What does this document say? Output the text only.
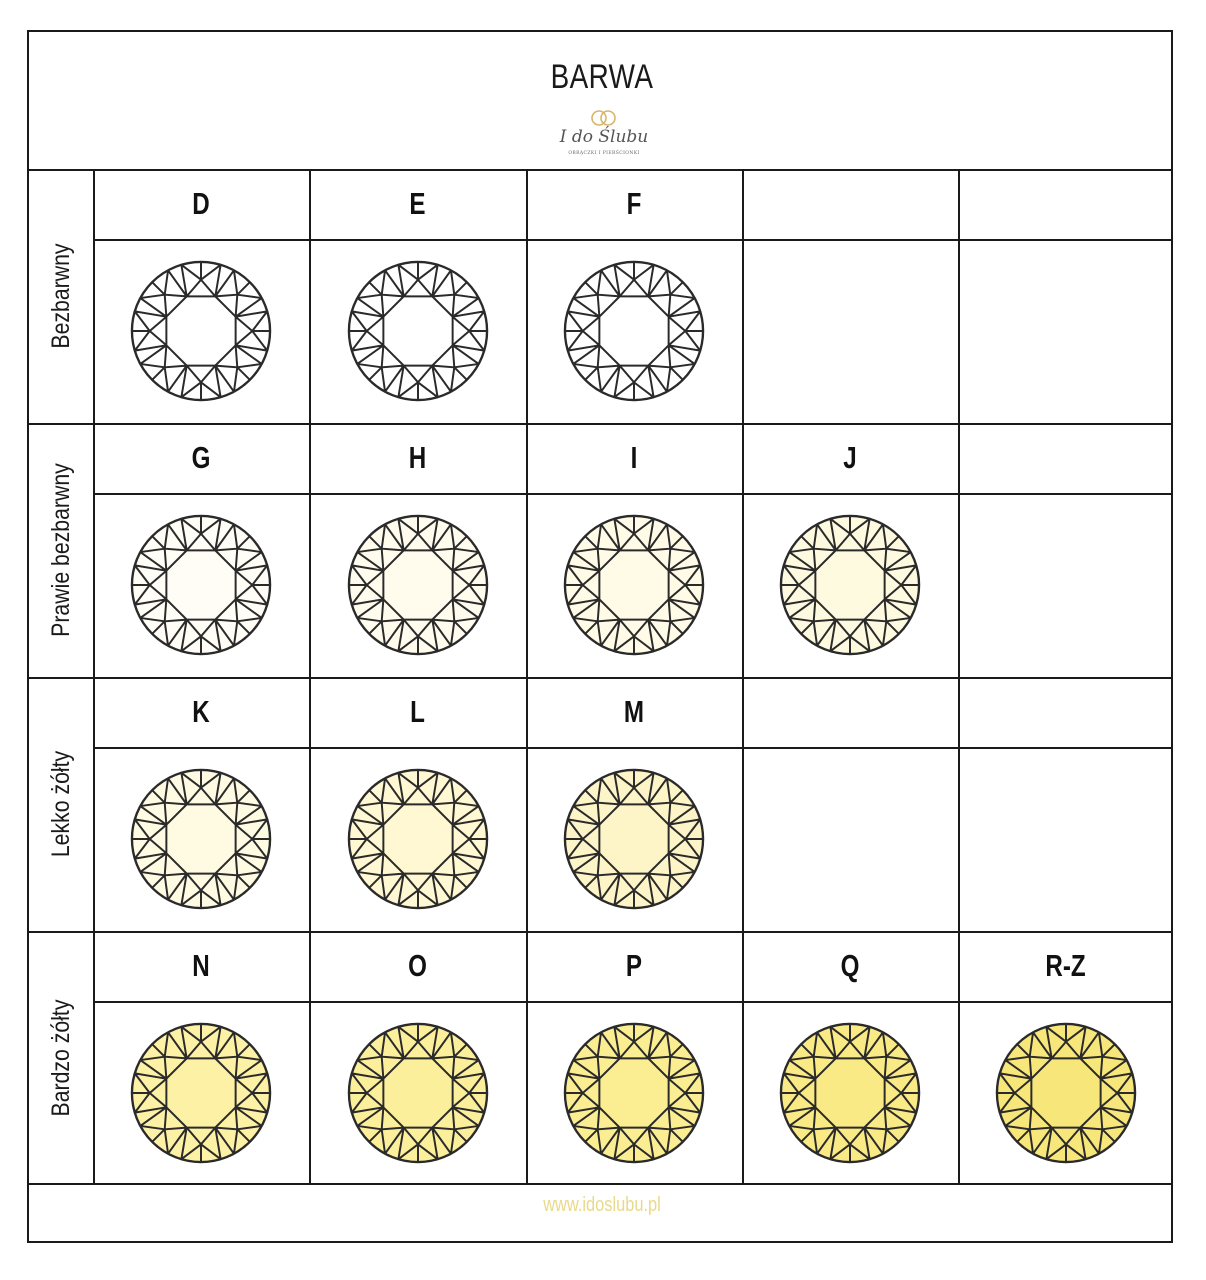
BARWA
I do Ślubu
OBRĄCZKI I PIERŚCIONKI
www.idoslubu.pl
Bezbarwny
D	E	F
Prawie bezbarwny
G	H	I	J
Lekko żółty
K	L	M
Bardzo żółty
N	O	P	Q	R-Z
